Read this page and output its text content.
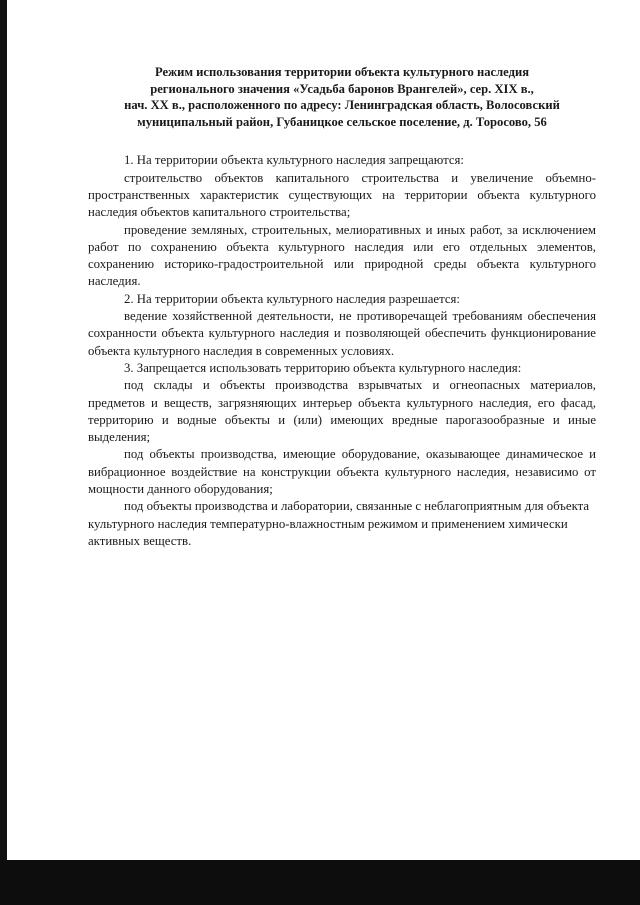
Режим использования территории объекта культурного наследия
регионального значения «Усадьба баронов Врангелей», сер. XIX в.,
нач. XX в., расположенного по адресу: Ленинградская область, Волосовский
муниципальный район, Губаницкое сельское поселение, д. Торосово, 56

1. На территории объекта культурного наследия запрещаются:

строительство объектов капитального строительства и увеличение объемно-пространственных характеристик существующих на территории объекта культурного наследия объектов капитального строительства;

проведение земляных, строительных, мелиоративных и иных работ, за исключением работ по сохранению объекта культурного наследия или его отдельных элементов, сохранению историко-градостроительной или природной среды объекта культурного наследия.

2. На территории объекта культурного наследия разрешается:

ведение хозяйственной деятельности, не противоречащей требованиям обеспечения сохранности объекта культурного наследия и позволяющей обеспечить функционирование объекта культурного наследия в современных условиях.

3. Запрещается использовать территорию объекта культурного наследия:

под склады и объекты производства взрывчатых и огнеопасных материалов, предметов и веществ, загрязняющих интерьер объекта культурного наследия, его фасад, территорию и водные объекты и (или) имеющих вредные парогазообразные и иные выделения;

под объекты производства, имеющие оборудование, оказывающее динамическое и вибрационное воздействие на конструкции объекта культурного наследия, независимо от мощности данного оборудования;

под объекты производства и лаборатории, связанные с неблагоприятным для объекта культурного наследия температурно-влажностным режимом и применением химически активных веществ.
